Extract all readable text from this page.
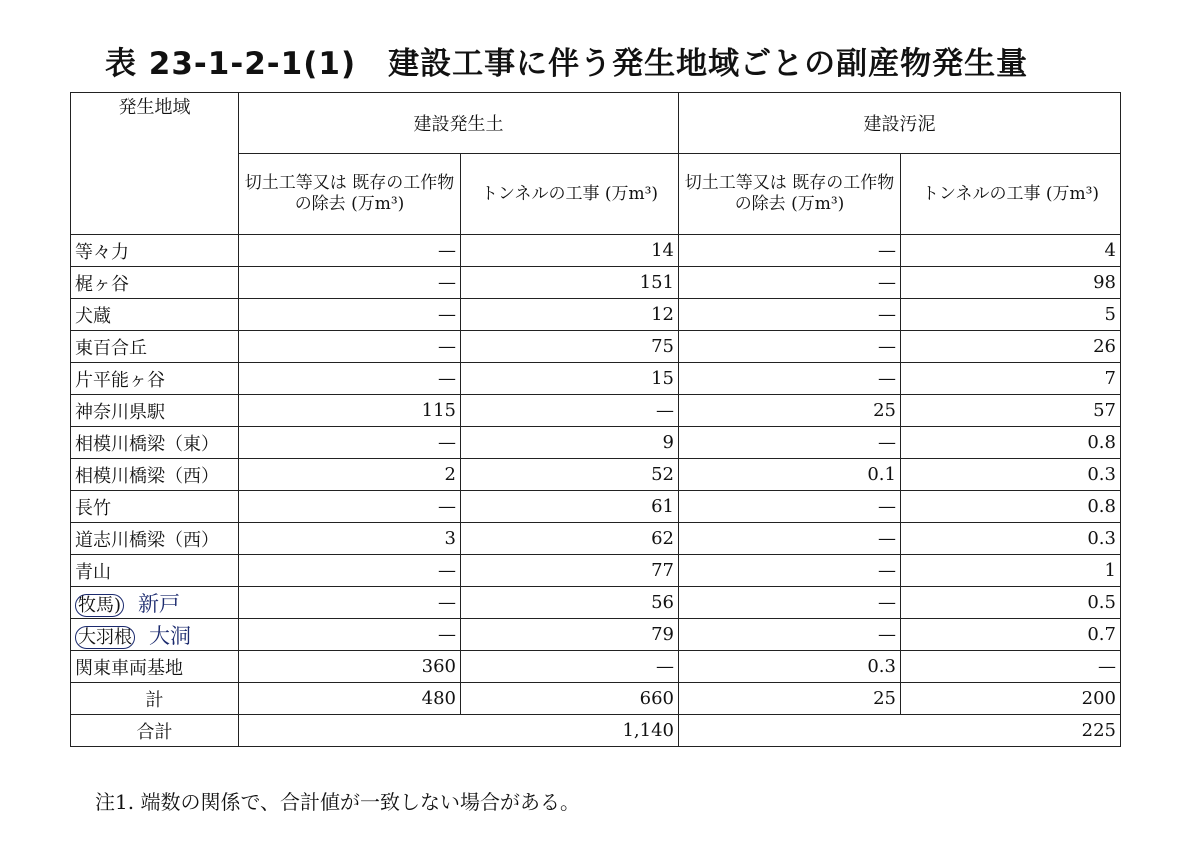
表 23-1-2-1(1)　建設工事に伴う発生地域ごとの副産物発生量
発生地域	建設発生土		建設汚泥	
	切土工等又は 既存の工作物の除去 (万m³)	トンネルの工事 (万m³)	切土工等又は 既存の工作物の除去 (万m³)	トンネルの工事 (万m³)
等々力	—	14	—	4
梶ヶ谷	—	151	—	98
犬蔵	—	12	—	5
東百合丘	—	75	—	26
片平能ヶ谷	—	15	—	7
神奈川県駅	115	—	25	57
相模川橋梁（東）	—	9	—	0.8
相模川橋梁（西）	2	52	0.1	0.3
長竹	—	61	—	0.8
道志川橋梁（西）	3	62	—	0.3
青山	—	77	—	1
牧馬) 新戸	—	56	—	0.5
大羽根 大洞	—	79	—	0.7
関東車両基地	360	—	0.3	—
計	480	660	25	200
合計	1,140		225	
注1. 端数の関係で、合計値が一致しない場合がある。
